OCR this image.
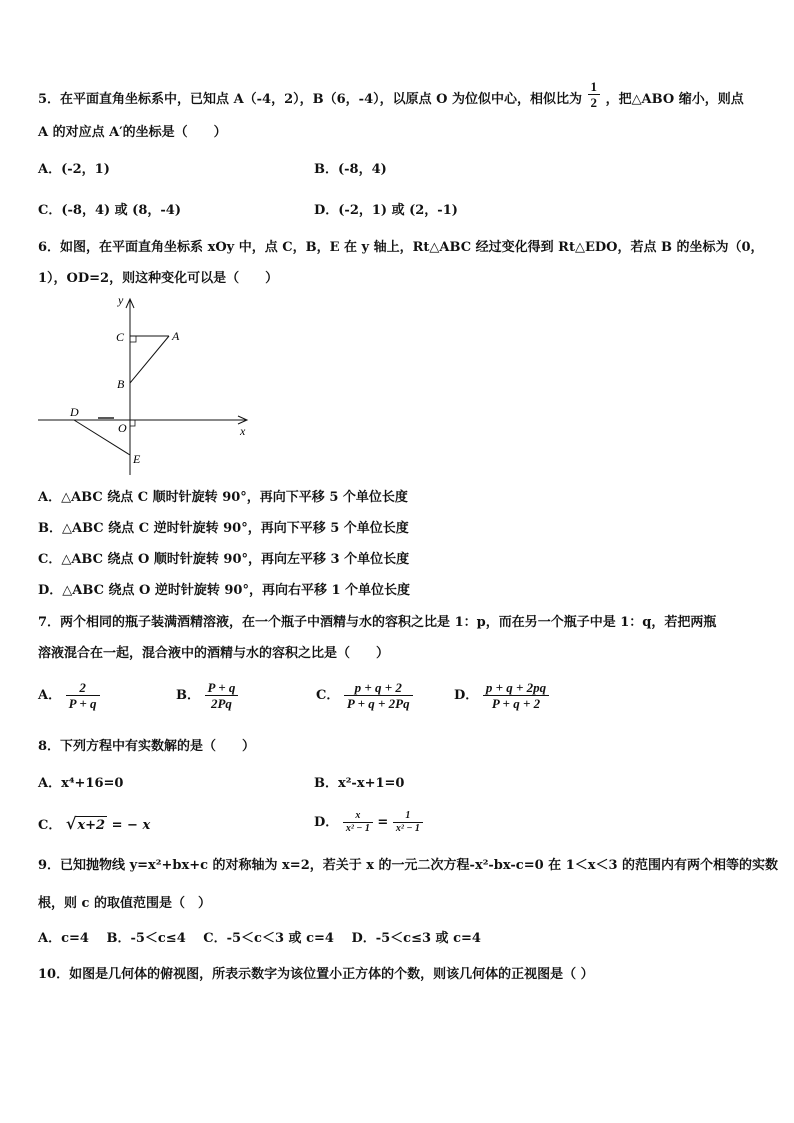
5．在平面直角坐标系中，已知点 A（-4，2），B（6，-4），以原点 O 为位似中心，相似比为 $\frac{1}{2}$ ，把△ABO 缩小，则点
A 的对应点 A′的坐标是（　　）
A．(-2，1)	B．(-8，4)
C．(-8，4) 或 (8，-4)	D．(-2，1) 或 (2，-1)
6．如图，在平面直角坐标系 xOy 中，点 C，B，E 在 y 轴上，Rt△ABC 经过变化得到 Rt△EDO，若点 B 的坐标为（0，
1），OD=2，则这种变化可以是（　　）
y
x
C	A
B
D
O
E
A．△ABC 绕点 C 顺时针旋转 90°，再向下平移 5 个单位长度
B．△ABC 绕点 C 逆时针旋转 90°，再向下平移 5 个单位长度
C．△ABC 绕点 O 顺时针旋转 90°，再向左平移 3 个单位长度
D．△ABC 绕点 O 逆时针旋转 90°，再向右平移 1 个单位长度
7．两个相同的瓶子装满酒精溶液，在一个瓶子中酒精与水的容积之比是 1：p，而在另一个瓶子中是 1：q，若把两瓶
溶液混合在一起，混合液中的酒精与水的容积之比是（　　）
A． $\frac{2}{P + q}$	B． $\frac{P + q}{2Pq}$	C． $\frac{p + q + 2}{P + q + 2Pq}$	D． $\frac{p + q + 2pq}{P + q + 2}$
8．下列方程中有实数解的是（　　）
A．x⁴+16=0	B．x²-x+1=0
C． √x+2 = − x	D． $\frac{x}{\text{x² − 1}} = \frac{1}{\text{x² − 1}}$
9．已知抛物线 y=x²+bx+c 的对称轴为 x=2，若关于 x 的一元二次方程-x²-bx-c=0 在 1＜x＜3 的范围内有两个相等的实数
根，则 c 的取值范围是（　）
A．c=4　 B．-5＜c≤4　 C．-5＜c＜3 或 c=4　 D．-5＜c≤3 或 c=4
10．如图是几何体的俯视图，所表示数字为该位置小正方体的个数，则该几何体的正视图是（ ）
